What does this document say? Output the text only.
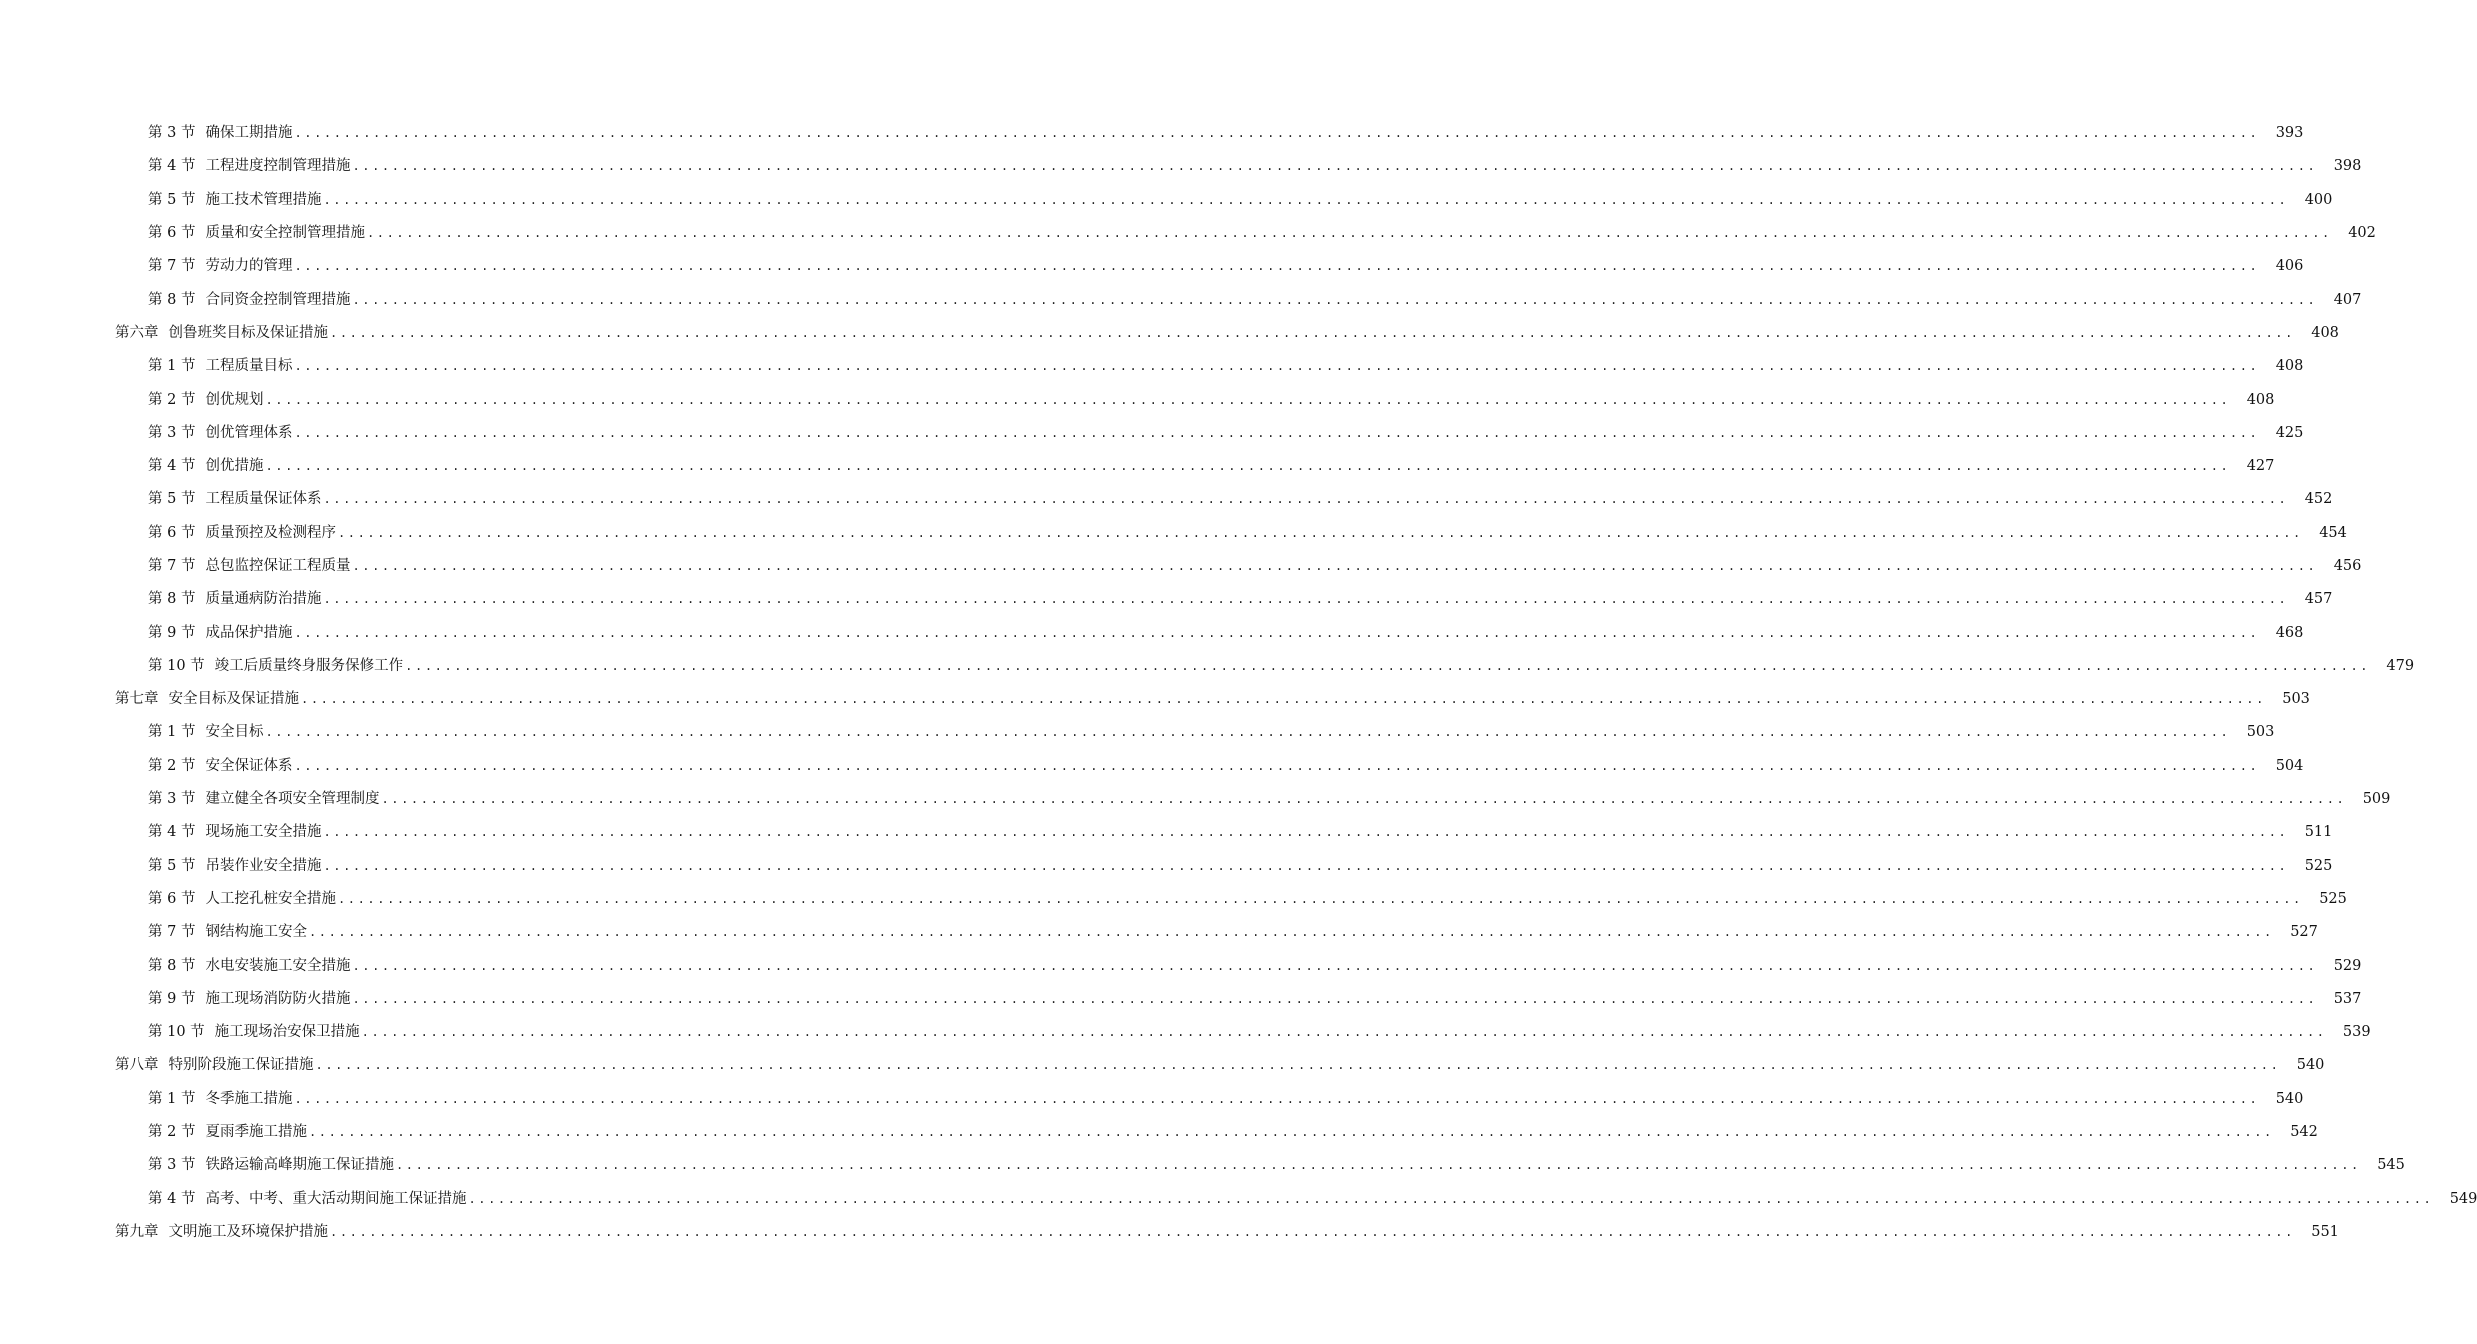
第 3 节 确保工期措施 ........................................................................................................................................................................................................	393
第 4 节 工程进度控制管理措施 ........................................................................................................................................................................................................	398
第 5 节 施工技术管理措施 ........................................................................................................................................................................................................	400
第 6 节 质量和安全控制管理措施 ........................................................................................................................................................................................................	402
第 7 节 劳动力的管理 ........................................................................................................................................................................................................	406
第 8 节 合同资金控制管理措施 ........................................................................................................................................................................................................	407
第六章 创鲁班奖目标及保证措施 ........................................................................................................................................................................................................	408
第 1 节 工程质量目标 ........................................................................................................................................................................................................	408
第 2 节 创优规划 ........................................................................................................................................................................................................	408
第 3 节 创优管理体系 ........................................................................................................................................................................................................	425
第 4 节 创优措施 ........................................................................................................................................................................................................	427
第 5 节 工程质量保证体系 ........................................................................................................................................................................................................	452
第 6 节 质量预控及检测程序 ........................................................................................................................................................................................................	454
第 7 节 总包监控保证工程质量 ........................................................................................................................................................................................................	456
第 8 节 质量通病防治措施 ........................................................................................................................................................................................................	457
第 9 节 成品保护措施 ........................................................................................................................................................................................................	468
第 10 节 竣工后质量终身服务保修工作 ........................................................................................................................................................................................................	479
第七章 安全目标及保证措施 ........................................................................................................................................................................................................	503
第 1 节 安全目标 ........................................................................................................................................................................................................	503
第 2 节 安全保证体系 ........................................................................................................................................................................................................	504
第 3 节 建立健全各项安全管理制度 ........................................................................................................................................................................................................	509
第 4 节 现场施工安全措施 ........................................................................................................................................................................................................	511
第 5 节 吊装作业安全措施 ........................................................................................................................................................................................................	525
第 6 节 人工挖孔桩安全措施 ........................................................................................................................................................................................................	525
第 7 节 钢结构施工安全 ........................................................................................................................................................................................................	527
第 8 节 水电安装施工安全措施 ........................................................................................................................................................................................................	529
第 9 节 施工现场消防防火措施 ........................................................................................................................................................................................................	537
第 10 节 施工现场治安保卫措施 ........................................................................................................................................................................................................	539
第八章 特别阶段施工保证措施 ........................................................................................................................................................................................................	540
第 1 节 冬季施工措施 ........................................................................................................................................................................................................	540
第 2 节 夏雨季施工措施 ........................................................................................................................................................................................................	542
第 3 节 铁路运输高峰期施工保证措施 ........................................................................................................................................................................................................	545
第 4 节 高考、中考、重大活动期间施工保证措施 ........................................................................................................................................................................................................	549
第九章 文明施工及环境保护措施 ........................................................................................................................................................................................................	551
